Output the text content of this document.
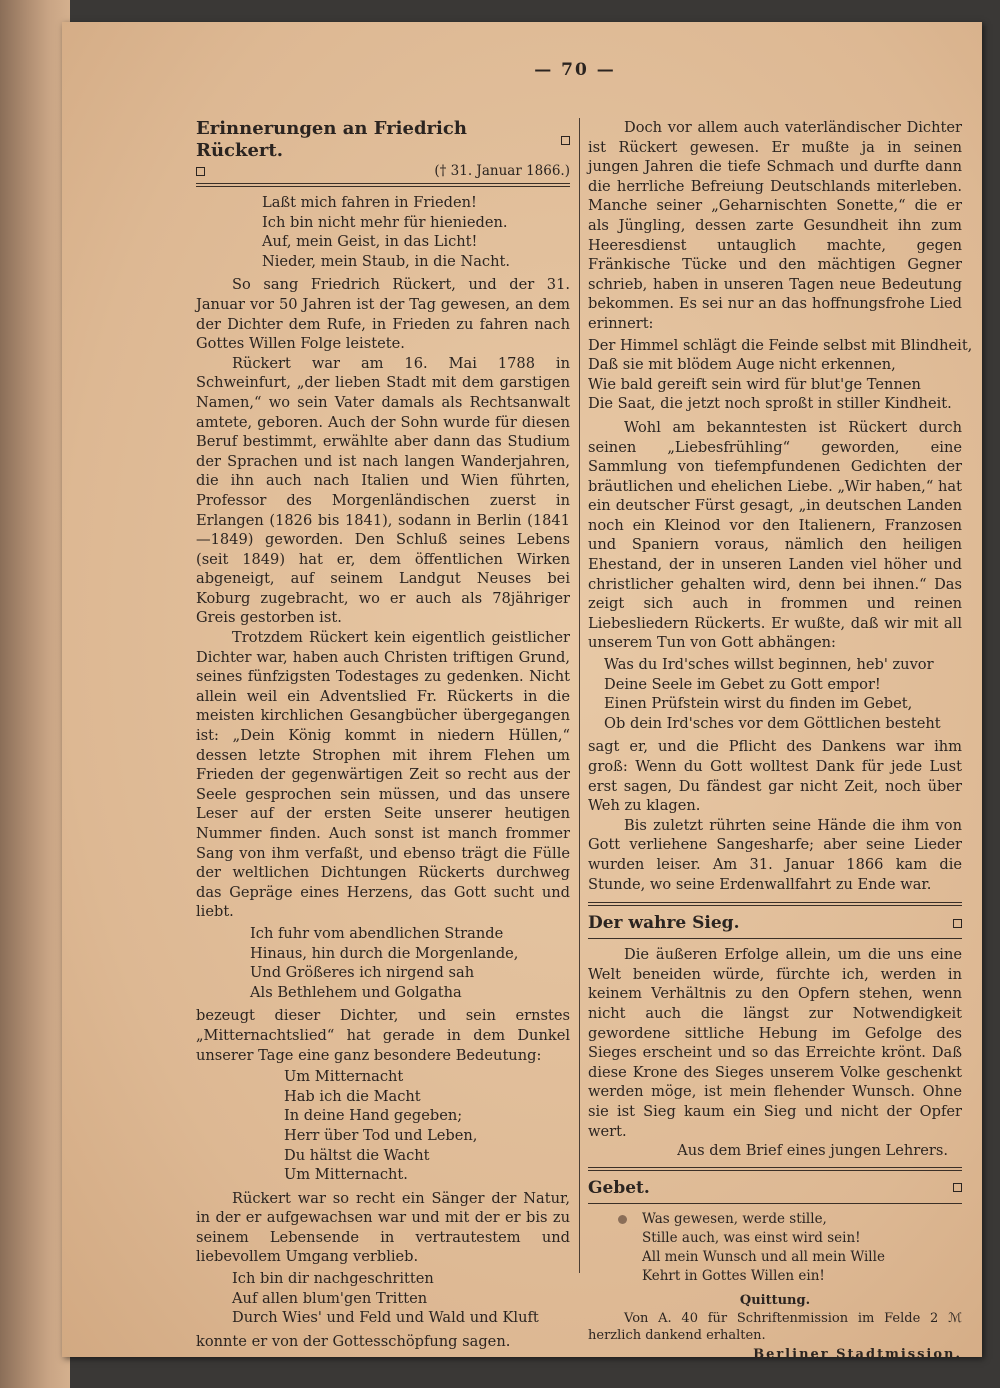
— 70 —
Erinnerungen an Friedrich Rückert.
(† 31. Januar 1866.)
Laßt mich fahren in Frieden!
Ich bin nicht mehr für hienieden.
Auf, mein Geist, in das Licht!
Nieder, mein Staub, in die Nacht.

So sang Friedrich Rückert, und der 31. Januar vor 50 Jahren ist der Tag gewesen, an dem der Dichter dem Rufe, in Frieden zu fahren nach Gottes Willen Folge leistete.

Rückert war am 16. Mai 1788 in Schweinfurt, „der lieben Stadt mit dem garstigen Namen,“ wo sein Vater damals als Rechtsanwalt amtete, geboren. Auch der Sohn wurde für diesen Beruf bestimmt, erwählte aber dann das Studium der Sprachen und ist nach langen Wanderjahren, die ihn auch nach Italien und Wien führten, Professor des Morgenländischen zuerst in Erlangen (1826 bis 1841), sodann in Berlin (1841—1849) geworden. Den Schluß seines Lebens (seit 1849) hat er, dem öffentlichen Wirken abgeneigt, auf seinem Landgut Neuses bei Koburg zugebracht, wo er auch als 78jähriger Greis gestorben ist.

Trotzdem Rückert kein eigentlich geistlicher Dichter war, haben auch Christen triftigen Grund, seines fünfzigsten Todestages zu gedenken. Nicht allein weil ein Adventslied Fr. Rückerts in die meisten kirchlichen Gesangbücher übergegangen ist: „Dein König kommt in niedern Hüllen,“ dessen letzte Strophen mit ihrem Flehen um Frieden der gegenwärtigen Zeit so recht aus der Seele gesprochen sein müssen, und das unsere Leser auf der ersten Seite unserer heutigen Nummer finden. Auch sonst ist manch frommer Sang von ihm verfaßt, und ebenso trägt die Fülle der weltlichen Dichtungen Rückerts durchweg das Gepräge eines Herzens, das Gott sucht und liebt.

Ich fuhr vom abendlichen Strande
Hinaus, hin durch die Morgenlande,
Und Größeres ich nirgend sah
Als Bethlehem und Golgatha

bezeugt dieser Dichter, und sein ernstes „Mitternachtslied“ hat gerade in dem Dunkel unserer Tage eine ganz besondere Bedeutung:

Um Mitternacht
Hab ich die Macht
In deine Hand gegeben;
Herr über Tod und Leben,
Du hältst die Wacht
Um Mitternacht.

Rückert war so recht ein Sänger der Natur, in der er aufgewachsen war und mit der er bis zu seinem Lebensende in vertrautestem und liebevollem Umgang verblieb.

Ich bin dir nachgeschritten
Auf allen blum'gen Tritten
Durch Wies' und Feld und Wald und Kluft

konnte er von der Gottesschöpfung sagen.

Doch vor allem auch vaterländischer Dichter ist Rückert gewesen. Er mußte ja in seinen jungen Jahren die tiefe Schmach und durfte dann die herrliche Befreiung Deutschlands miterleben. Manche seiner „Geharnischten Sonette,“ die er als Jüngling, dessen zarte Gesundheit ihn zum Heeresdienst untauglich machte, gegen Fränkische Tücke und den mächtigen Gegner schrieb, haben in unseren Tagen neue Bedeutung bekommen. Es sei nur an das hoffnungsfrohe Lied erinnert:

Der Himmel schlägt die Feinde selbst mit Blindheit,
Daß sie mit blödem Auge nicht erkennen,
Wie bald gereift sein wird für blut'ge Tennen
Die Saat, die jetzt noch sproßt in stiller Kindheit.

Wohl am bekanntesten ist Rückert durch seinen „Liebesfrühling“ geworden, eine Sammlung von tiefempfundenen Gedichten der bräutlichen und ehelichen Liebe. „Wir haben,“ hat ein deutscher Fürst gesagt, „in deutschen Landen noch ein Kleinod vor den Italienern, Franzosen und Spaniern voraus, nämlich den heiligen Ehestand, der in unseren Landen viel höher und christlicher gehalten wird, denn bei ihnen.“ Das zeigt sich auch in frommen und reinen Liebesliedern Rückerts. Er wußte, daß wir mit all unserem Tun von Gott abhängen:

Was du Ird'sches willst beginnen, heb' zuvor
Deine Seele im Gebet zu Gott empor!
Einen Prüfstein wirst du finden im Gebet,
Ob dein Ird'sches vor dem Göttlichen besteht

sagt er, und die Pflicht des Dankens war ihm groß: Wenn du Gott wolltest Dank für jede Lust erst sagen, Du fändest gar nicht Zeit, noch über Weh zu klagen.

Bis zuletzt rührten seine Hände die ihm von Gott verliehene Sangesharfe; aber seine Lieder wurden leiser. Am 31. Januar 1866 kam die Stunde, wo seine Erdenwallfahrt zu Ende war.

Der wahre Sieg.

Die äußeren Erfolge allein, um die uns eine Welt beneiden würde, fürchte ich, werden in keinem Verhältnis zu den Opfern stehen, wenn nicht auch die längst zur Notwendigkeit gewordene sittliche Hebung im Gefolge des Sieges erscheint und so das Erreichte krönt. Daß diese Krone des Sieges unserem Volke geschenkt werden möge, ist mein flehender Wunsch. Ohne sie ist Sieg kaum ein Sieg und nicht der Opfer wert.

Aus dem Brief eines jungen Lehrers.
Gebet.
Was gewesen, werde stille,
Stille auch, was einst wird sein!
All mein Wunsch und all mein Wille
Kehrt in Gottes Willen ein!
Quittung.

Von A. 40 für Schriftenmission im Felde 2 ℳ herzlich dankend erhalten.

Berliner Stadtmission.
